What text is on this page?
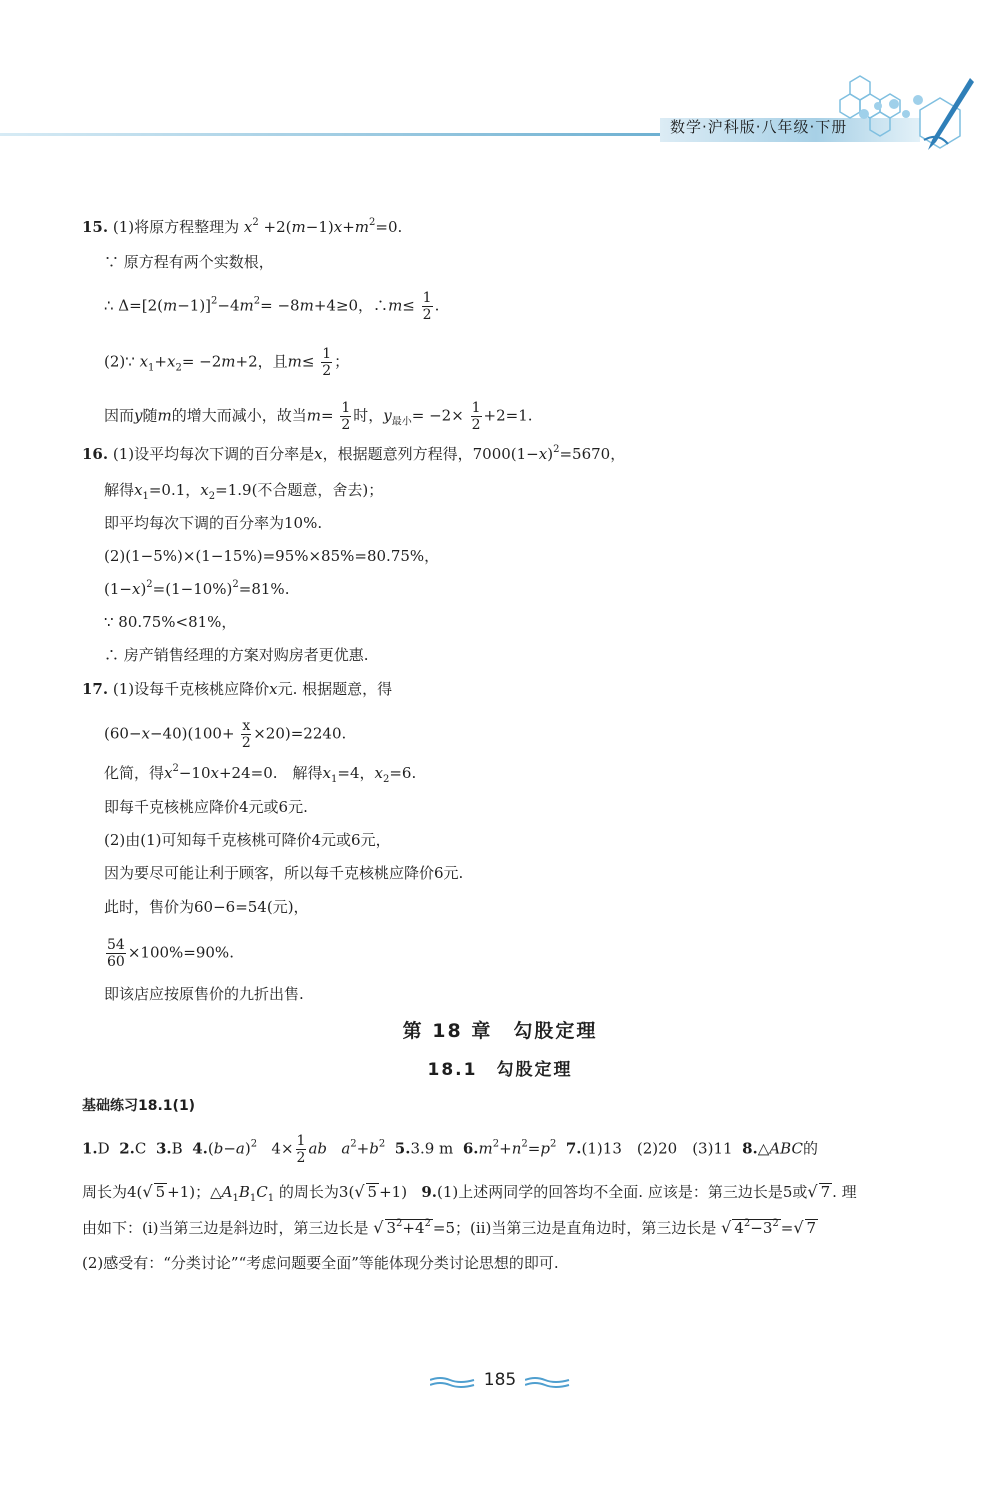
数学·沪科版·八年级·下册
15. (1)将原方程整理为 $x^2 +2(m-1)x+m^2=0$.
∵ 原方程有两个实数根，
∴ $\Delta=[2(m-1)]^2-4m^2= -8m+4\ge 0$，∴m≤ $\frac{1}{2}$ .
(2)∵ $x_1+x_2= -2m+2$，且$m\le \frac{1}{2}$ ；
因而y随m的增大而减小，故当$m= \frac{1}{2}$ 时，$y_{最小}= -2\times \frac{1}{2} +2=1$.
16. (1)设平均每次下调的百分率是x，根据题意列方程得，$7000(1-x)^2=5670$，
解得$x_1=0.1$，$x_2=1.9$(不合题意，舍去)；
即平均每次下调的百分率为10%.
(2)(1−5%)×(1−15%)=95%×85%=80.75%，
$(1-x)^2=(1-10\%)^2=81\%$.
∵ 80.75%<81%，
∴ 房产销售经理的方案对购房者更优惠.
17. (1)设每千克核桃应降价x元. 根据题意，得
$(60-x-40)(100+ \frac{x}{2} \times 20)=2240$.
化简，得$x^2-10x+24=0$.　解得$x_1=4$，$x_2=6$.
即每千克核桃应降价4元或6元.
(2)由(1)可知每千克核桃可降价4元或6元，
因为要尽可能让利于顾客，所以每千克核桃应降价6元.
此时，售价为60−6=54(元)，
$\frac{54}{60} \times 100\%=90\%$.
即该店应按原售价的九折出售.
第 18 章　勾股定理
18.1　勾股定理
基础练习18.1(1)
1.D 2.C 3.B $4.(b-a)^2$ $4\times \frac{1}{2}$ ab $a^2+b^2$ 5.3.9 m $6.m^2+n^2=p^2$ 7.(1)13　(2)20　(3)11 8.△ABC的
周长为4(√ 5 +1)；$\triangle A_1B_1C_1$ 的周长为3(√ 5 +1) 9.(1)上述两同学的回答均不全面. 应该是：第三边长是5或√ 7 . 理
由如下：(ⅰ)当第三边是斜边时，第三边长是 √ $3^2+4^2 =5$；(ⅱ)当第三边是直角边时，第三边长是 √ $4^2-3^2$ =√ 7
(2)感受有：“分类讨论”“考虑问题要全面”等能体现分类讨论思想的即可.
185
